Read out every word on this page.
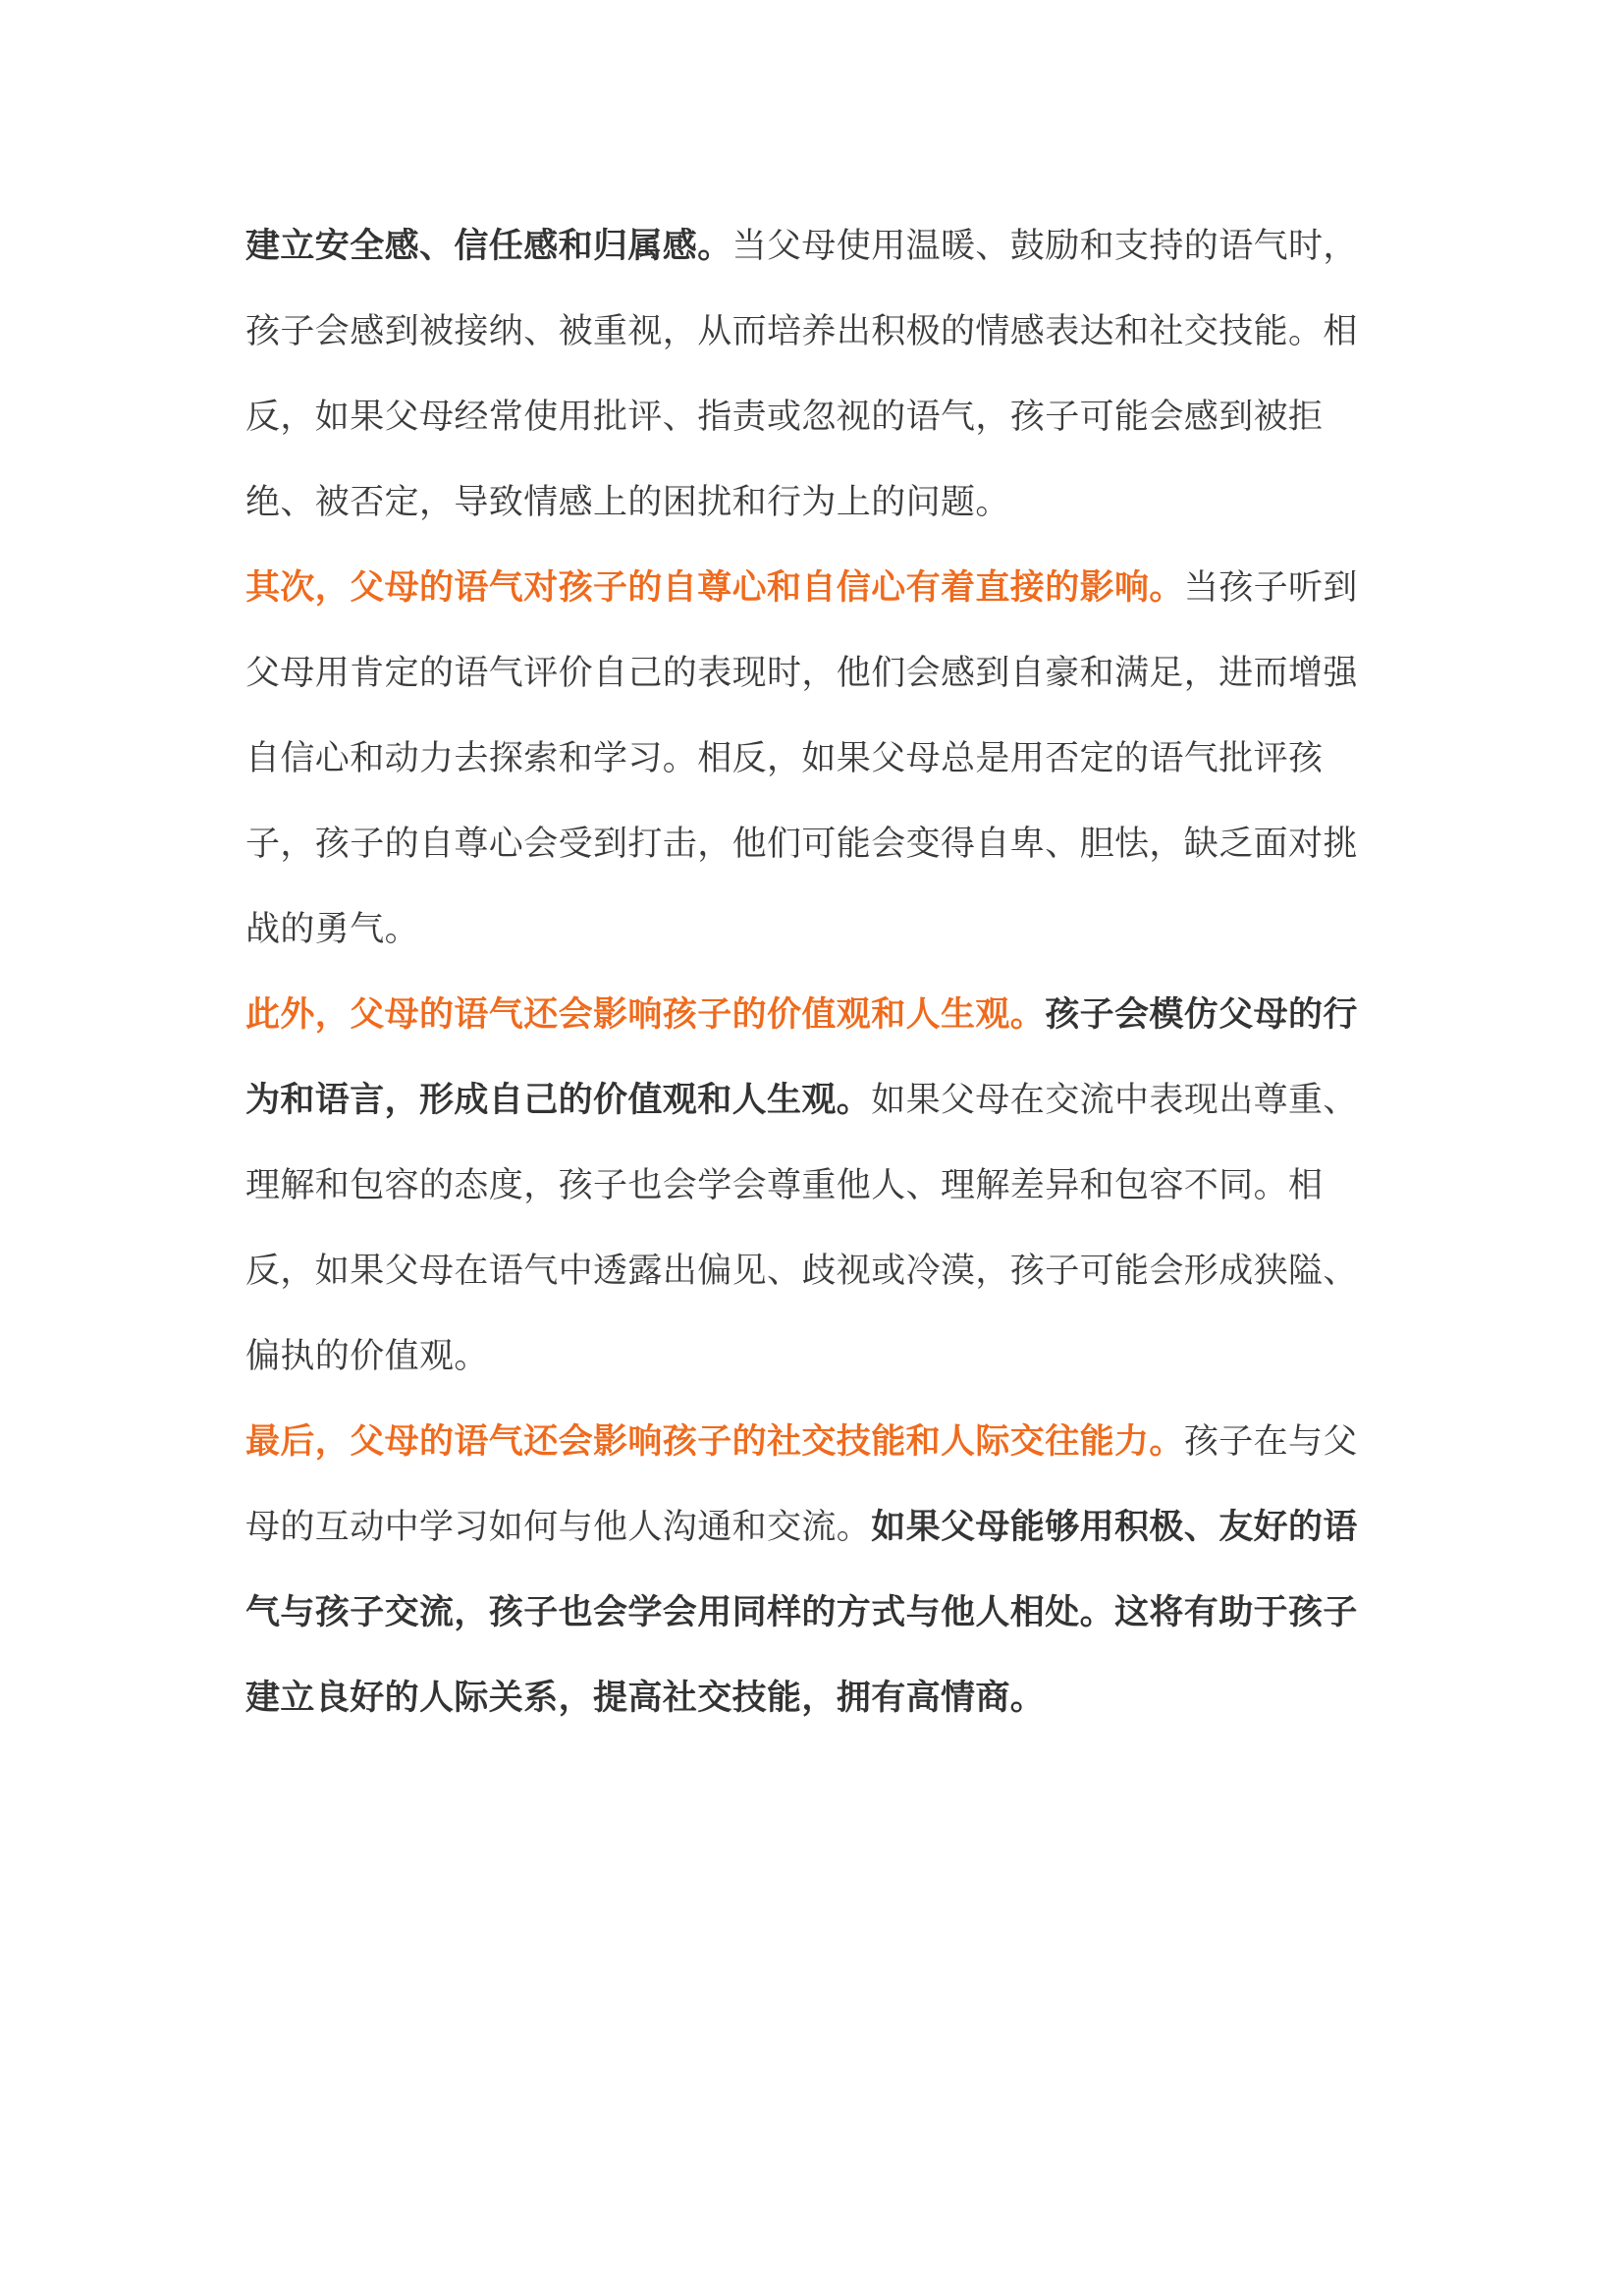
建立安全感、信任感和归属感。当父母使用温暖、鼓励和支持的语气时，孩子会感到被接纳、被重视，从而培养出积极的情感表达和社交技能。相反，如果父母经常使用批评、指责或忽视的语气，孩子可能会感到被拒绝、被否定，导致情感上的困扰和行为上的问题。

其次，父母的语气对孩子的自尊心和自信心有着直接的影响。当孩子听到父母用肯定的语气评价自己的表现时，他们会感到自豪和满足，进而增强自信心和动力去探索和学习。相反，如果父母总是用否定的语气批评孩子，孩子的自尊心会受到打击，他们可能会变得自卑、胆怯，缺乏面对挑战的勇气。

此外，父母的语气还会影响孩子的价值观和人生观。孩子会模仿父母的行为和语言，形成自己的价值观和人生观。如果父母在交流中表现出尊重、理解和包容的态度，孩子也会学会尊重他人、理解差异和包容不同。相反，如果父母在语气中透露出偏见、歧视或冷漠，孩子可能会形成狭隘、偏执的价值观。

最后，父母的语气还会影响孩子的社交技能和人际交往能力。孩子在与父母的互动中学习如何与他人沟通和交流。如果父母能够用积极、友好的语气与孩子交流，孩子也会学会用同样的方式与他人相处。这将有助于孩子建立良好的人际关系，提高社交技能，拥有高情商。
